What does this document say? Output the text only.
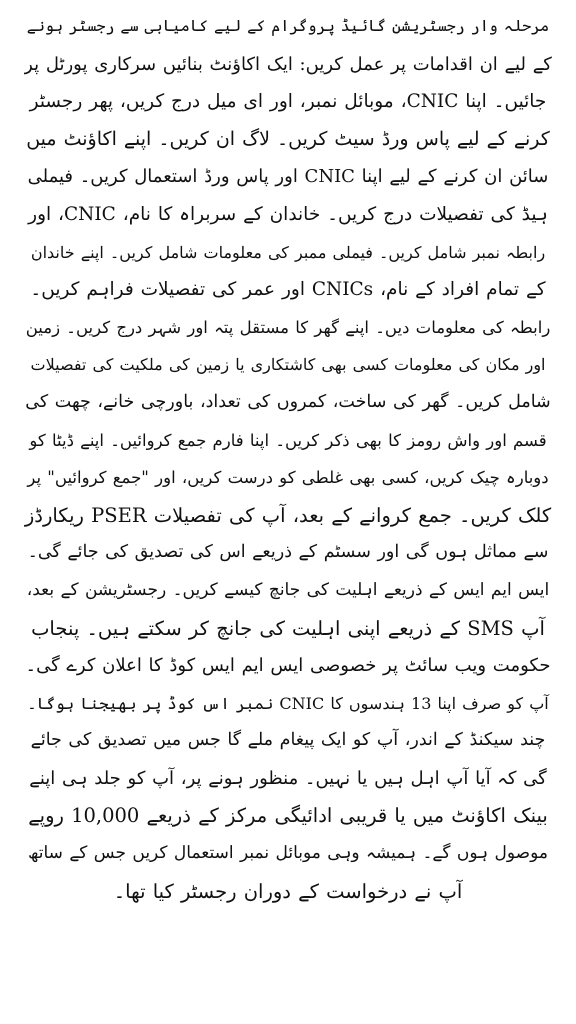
مرحلہ وار رجسٹریشن گائیڈ پروگرام کے لیے کامیابی سے رجسٹر ہونے
کے لیے ان اقدامات پر عمل کریں: ایک اکاؤنٹ بنائیں سرکاری پورٹل پر
جائیں۔ اپنا CNIC، موبائل نمبر، اور ای میل درج کریں، پھر رجسٹر
کرنے کے لیے پاس ورڈ سیٹ کریں۔ لاگ ان کریں۔ اپنے اکاؤنٹ میں
سائن ان کرنے کے لیے اپنا CNIC اور پاس ورڈ استعمال کریں۔ فیملی
ہیڈ کی تفصیلات درج کریں۔ خاندان کے سربراہ کا نام، CNIC، اور
رابطہ نمبر شامل کریں۔ فیملی ممبر کی معلومات شامل کریں۔ اپنے خاندان
کے تمام افراد کے نام، CNICs اور عمر کی تفصیلات فراہم کریں۔
رابطہ کی معلومات دیں۔ اپنے گھر کا مستقل پتہ اور شہر درج کریں۔ زمین
اور مکان کی معلومات کسی بھی کاشتکاری یا زمین کی ملکیت کی تفصیلات
شامل کریں۔ گھر کی ساخت، کمروں کی تعداد، باورچی خانے، چھت کی
قسم اور واش رومز کا بھی ذکر کریں۔ اپنا فارم جمع کروائیں۔ اپنے ڈیٹا کو
دوبارہ چیک کریں، کسی بھی غلطی کو درست کریں، اور "جمع کروائیں" پر
کلک کریں۔ جمع کروانے کے بعد، آپ کی تفصیلات PSER ریکارڈز
سے مماثل ہوں گی اور سسٹم کے ذریعے اس کی تصدیق کی جائے گی۔
ایس ایم ایس کے ذریعے اہلیت کی جانچ کیسے کریں۔ رجسٹریشن کے بعد،
آپ SMS کے ذریعے اپنی اہلیت کی جانچ کر سکتے ہیں۔ پنجاب
حکومت ویب سائٹ پر خصوصی ایس ایم ایس کوڈ کا اعلان کرے گی۔
آپ کو صرف اپنا 13 ہندسوں کا CNIC نمبر اس کوڈ پر بھیجنا ہوگا۔
چند سیکنڈ کے اندر، آپ کو ایک پیغام ملے گا جس میں تصدیق کی جائے
گی کہ آیا آپ اہل ہیں یا نہیں۔ منظور ہونے پر، آپ کو جلد ہی اپنے
بینک اکاؤنٹ میں یا قریبی ادائیگی مرکز کے ذریعے 10,000 روپے
موصول ہوں گے۔ ہمیشہ وہی موبائل نمبر استعمال کریں جس کے ساتھ
آپ نے درخواست کے دوران رجسٹر کیا تھا۔
